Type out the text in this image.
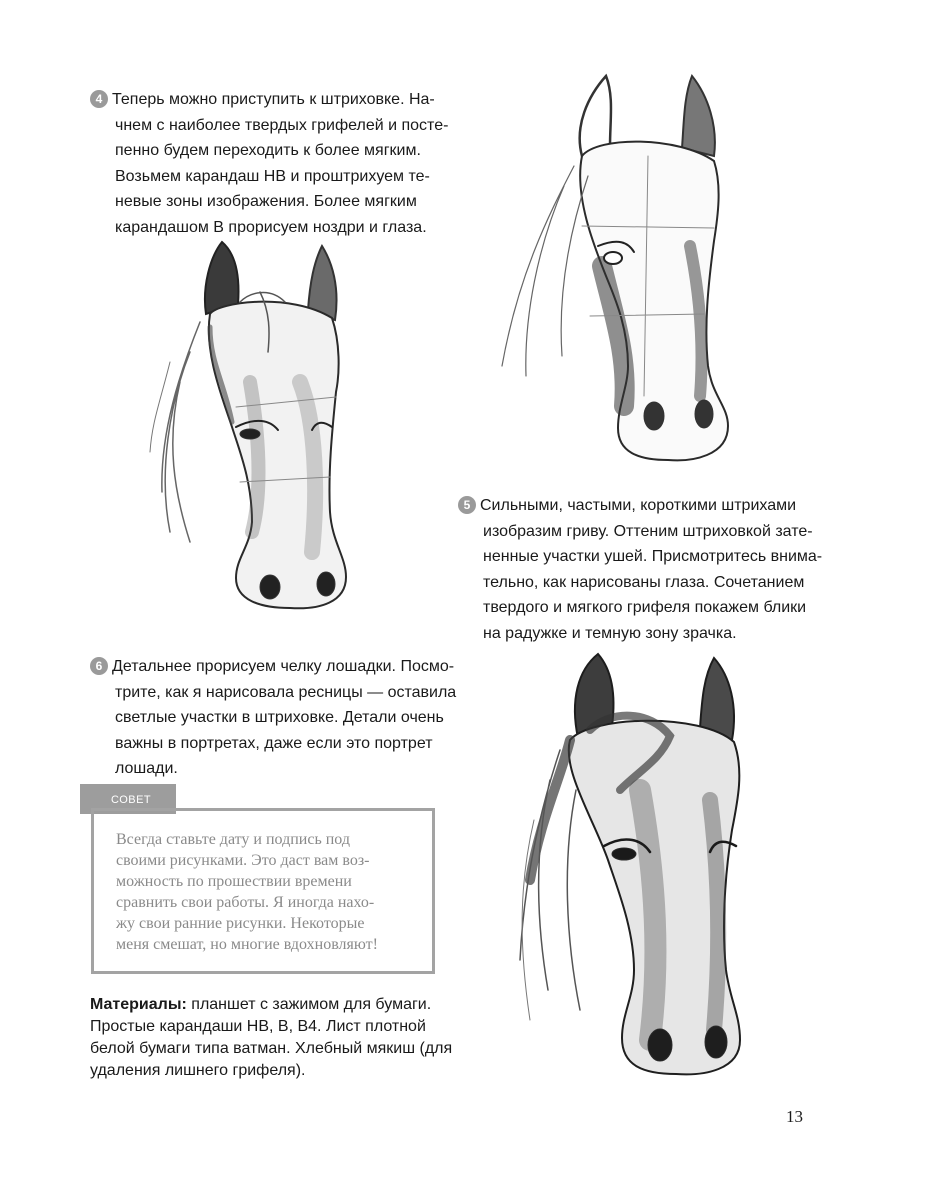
4 Теперь можно приступить к штриховке. На-
чнем с наиболее твердых грифелей и посте-
пенно будем переходить к более мягким.
Возьмем карандаш HB и проштрихуем те-
невые зоны изображения. Более мягким
карандашом B прорисуем ноздри и глаза.
5 Сильными, частыми, короткими штрихами
изобразим гриву. Оттеним штриховкой зате-
ненные участки ушей. Присмотритесь внима-
тельно, как нарисованы глаза. Сочетанием
твердого и мягкого грифеля покажем блики
на радужке и темную зону зрачка.
6 Детальнее прорисуем челку лошадки. Посмо-
трите, как я нарисовала ресницы — оставила
светлые участки в штриховке. Детали очень
важны в портретах, даже если это портрет
лошади.
СОВЕТ
Всегда ставьте дату и подпись под
своими рисунками. Это даст вам воз-
можность по прошествии времени
сравнить свои работы. Я иногда нахо-
жу свои ранние рисунки. Некоторые
меня смешат, но многие вдохновляют!
Материалы: планшет с зажимом для бумаги.
Простые карандаши HB, B, B4. Лист плотной
белой бумаги типа ватман. Хлебный мякиш (для
удаления лишнего грифеля).
13
